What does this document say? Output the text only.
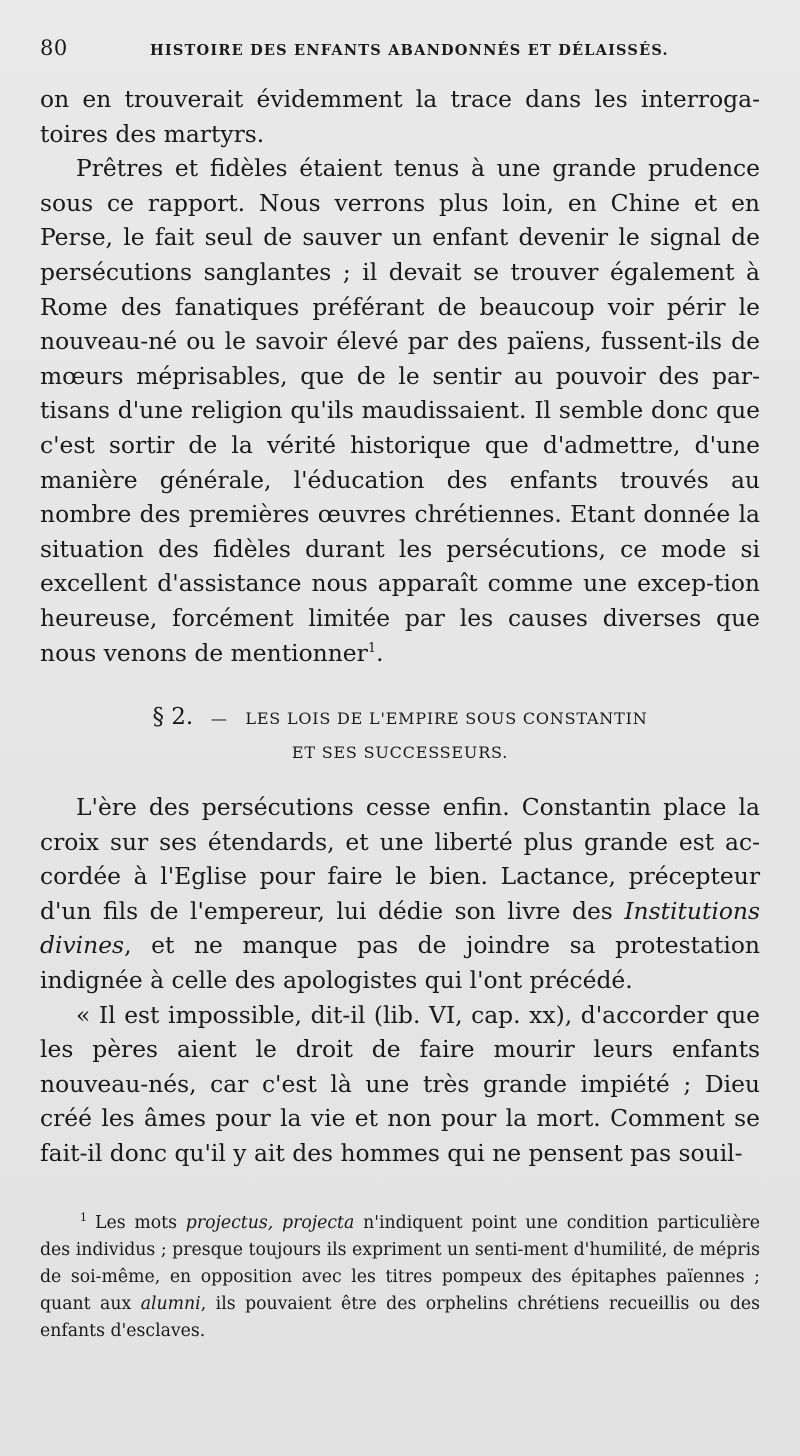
80	HISTOIRE DES ENFANTS ABANDONNÉS ET DÉLAISSÉS.

on en trouverait évidemment la trace dans les interroga-toires des martyrs.

Prêtres et fidèles étaient tenus à une grande prudence sous ce rapport. Nous verrons plus loin, en Chine et en Perse, le fait seul de sauver un enfant devenir le signal de persécutions sanglantes ; il devait se trouver également à Rome des fanatiques préférant de beaucoup voir périr le nouveau-né ou le savoir élevé par des païens, fussent-ils de mœurs méprisables, que de le sentir au pouvoir des par-tisans d'une religion qu'ils maudissaient. Il semble donc que c'est sortir de la vérité historique que d'admettre, d'une manière générale, l'éducation des enfants trouvés au nombre des premières œuvres chrétiennes. Etant donnée la situation des fidèles durant les persécutions, ce mode si excellent d'assistance nous apparaît comme une excep-tion heureuse, forcément limitée par les causes diverses que nous venons de mentionner$^1$.

§ 2. — LES LOIS DE L'EMPIRE SOUS CONSTANTIN
ET SES SUCCESSEURS.

L'ère des persécutions cesse enfin. Constantin place la croix sur ses étendards, et une liberté plus grande est ac-cordée à l'Eglise pour faire le bien. Lactance, précepteur d'un fils de l'empereur, lui dédie son livre des Institutions divines, et ne manque pas de joindre sa protestation indignée à celle des apologistes qui l'ont précédé.

« Il est impossible, dit-il (lib. VI, cap. xx), d'accorder que les pères aient le droit de faire mourir leurs enfants nouveau-nés, car c'est là une très grande impiété ; Dieu créé les âmes pour la vie et non pour la mort. Comment se fait-il donc qu'il y ait des hommes qui ne pensent pas souil-

$^1$ Les mots projectus, projecta n'indiquent point une condition particulière des individus ; presque toujours ils expriment un senti-ment d'humilité, de mépris de soi-même, en opposition avec les titres pompeux des épitaphes païennes ; quant aux alumni, ils pouvaient être des orphelins chrétiens recueillis ou des enfants d'esclaves.
